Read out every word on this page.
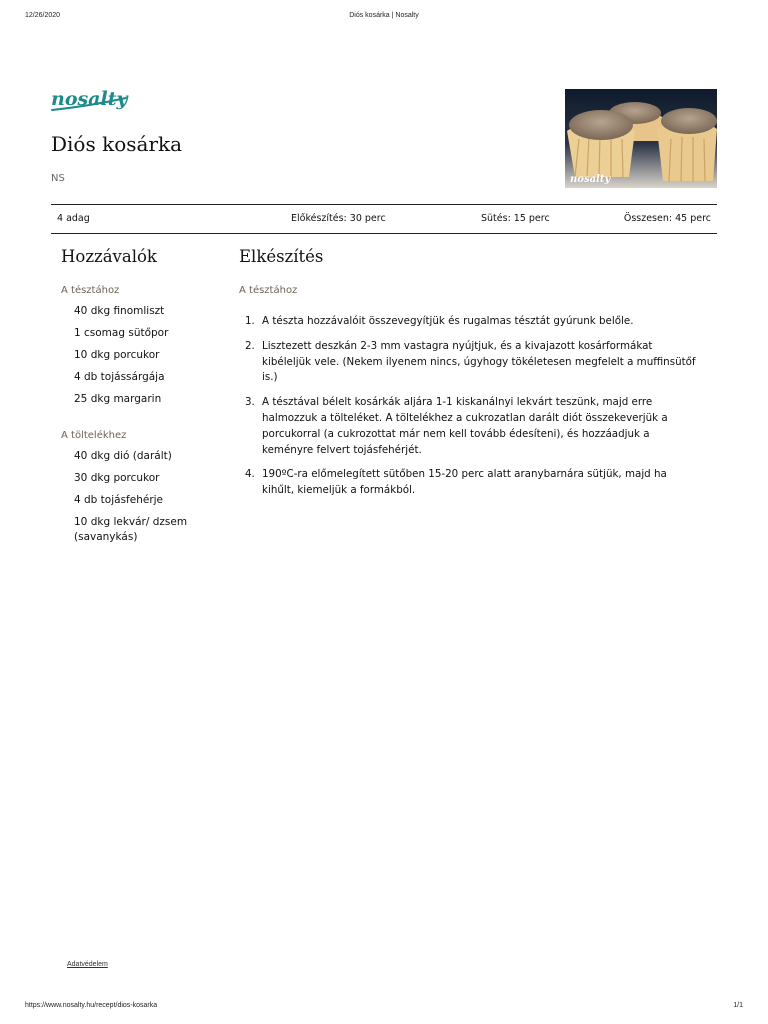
12/26/2020	Diós kosárka | Nosalty
nosalty
Diós kosárka
NS	nosalty
4 adag	Előkészítés: 30 perc	Sütés: 15 perc	Összesen: 45 perc
Hozzávalók
A tésztához
40 dkg finomliszt
1 csomag sütőpor
10 dkg porcukor
4 db tojássárgája
25 dkg margarin
A töltelékhez
40 dkg dió (darált)
30 dkg porcukor
4 db tojásfehérje
10 dkg lekvár/ dzsem (savanykás)
Elkészítés
A tésztához
1. A tészta hozzávalóit összevegyítjük és rugalmas tésztát gyúrunk belőle.
2. Lisztezett deszkán 2-3 mm vastagra nyújtjuk, és a kivajazott kosárformákat kibéleljük vele. (Nekem ilyenem nincs, úgyhogy tökéletesen megfelelt a muffinsütőf is.)
3. A tésztával bélelt kosárkák aljára 1-1 kiskanálnyi lekvárt teszünk, majd erre halmozzuk a tölteléket. A töltelékhez a cukrozatlan darált diót összekeverjük a porcukorral (a cukrozottat már nem kell tovább édesíteni), és hozzáadjuk a keményre felvert tojásfehérjét.
4. 190ºC-ra előmelegített sütőben 15-20 perc alatt aranybarnára sütjük, majd ha kihűlt, kiemeljük a formákból.
Adatvédelem
https://www.nosalty.hu/recept/dios-kosarka	1/1
